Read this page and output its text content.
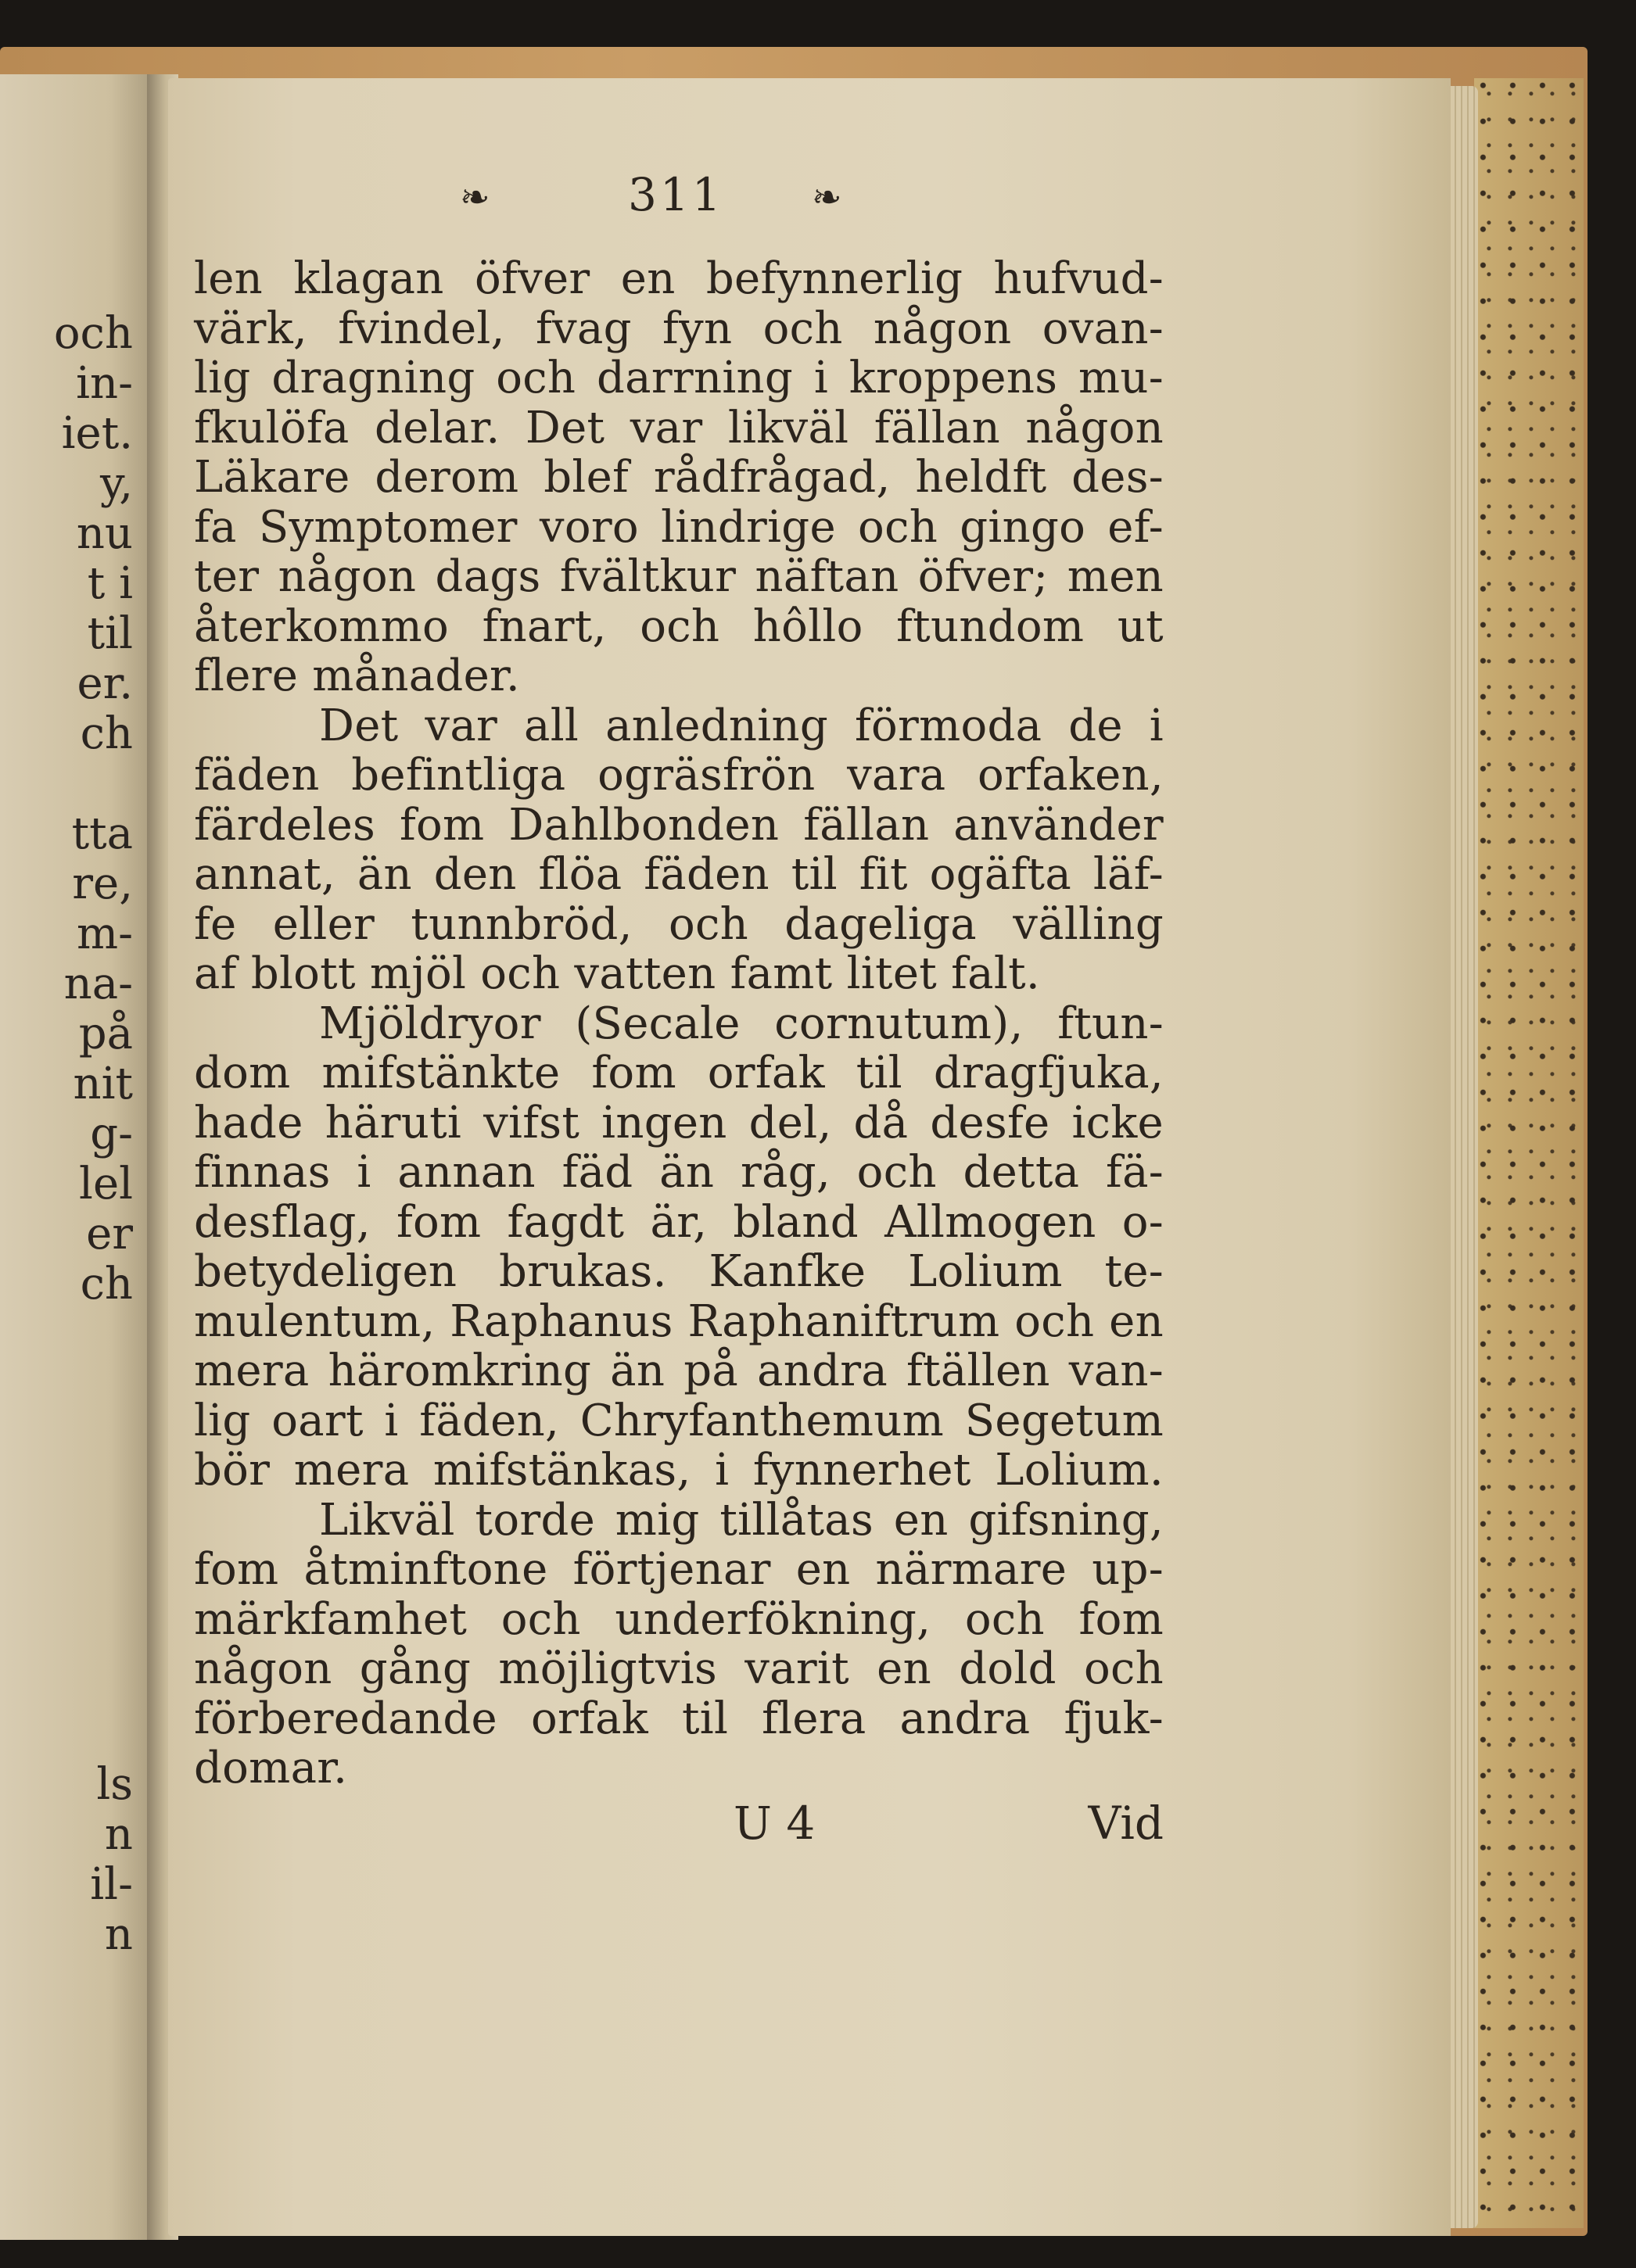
och
in-
iet.
y,
nu
t i
til
er.
ch
tta
re,
m-
na-
på
nit
g-
lel
er
ch
ls
n
il-
n
❧	311 ❧
len klagan öfver en befynnerlig hufvud-
värk, fvindel, fvag fyn och någon ovan-
lig dragning och darrning i kroppens mu-
fkulöfa delar. Det var likväl fällan någon
Läkare derom blef rådfrågad, heldft des-
fa Symptomer voro lindrige och gingo ef-
ter någon dags fvältkur näftan öfver; men
återkommo fnart, och hôllo ftundom ut
flere månader.
Det var all anledning förmoda de i
fäden befintliga ogräsfrön vara orfaken,
färdeles fom Dahlbonden fällan använder
annat, än den flöa fäden til fit ogäfta läf-
fe eller tunnbröd, och dageliga välling
af blott mjöl och vatten famt litet falt.
Mjöldryor (Secale cornutum), ftun-
dom mifstänkte fom orfak til dragfjuka,
hade häruti vifst ingen del, då desfe icke
finnas i annan fäd än råg, och detta fä-
desflag, fom fagdt är, bland Allmogen o-
betydeligen brukas. Kanfke Lolium te-
mulentum, Raphanus Raphaniftrum och en
mera häromkring än på andra ftällen van-
lig oart i fäden, Chryfanthemum Segetum
bör mera mifstänkas, i fynnerhet Lolium.
Likväl torde mig tillåtas en gifsning,
fom åtminftone förtjenar en närmare up-
märkfamhet och underfökning, och fom
någon gång möjligtvis varit en dold och
förberedande orfak til flera andra fjuk-
domar.
U 4	Vid
